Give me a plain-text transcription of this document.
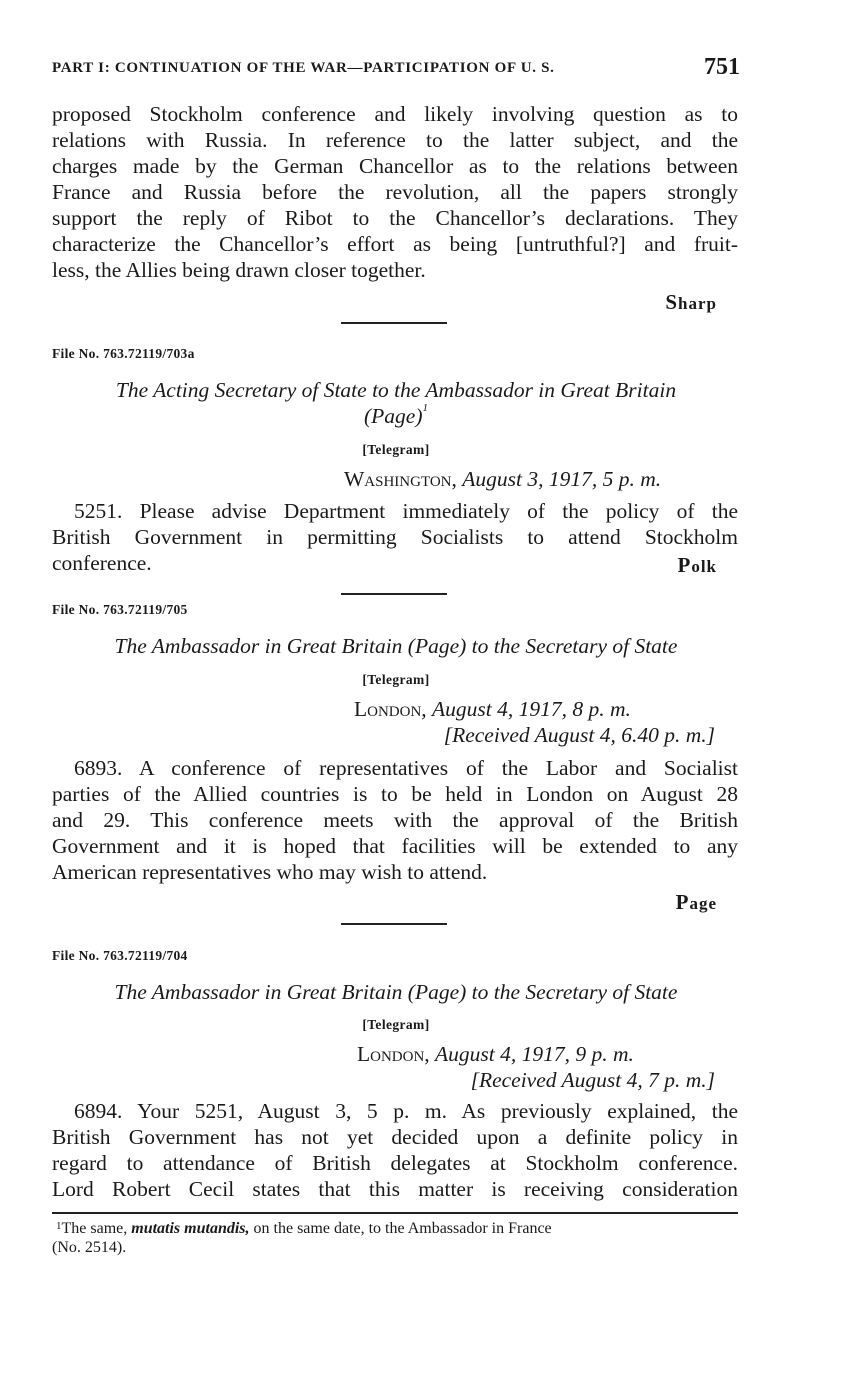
PART I: CONTINUATION OF THE WAR—PARTICIPATION OF U. S.	751
proposed Stockholm conference and likely involving question as to
relations with Russia. In reference to the latter subject, and the
charges made by the German Chancellor as to the relations between
France and Russia before the revolution, all the papers strongly
support the reply of Ribot to the Chancellor’s declarations. They
characterize the Chancellor’s effort as being [untruthful?] and fruit-
less, the Allies being drawn closer together.
Sharp
File No. 763.72119/703a
The Acting Secretary of State to the Ambassador in Great Britain
(Page)$^1$
[Telegram]
Washington, August 3, 1917, 5 p. m.
5251. Please advise Department immediately of the policy of the
British Government in permitting Socialists to attend Stockholm
conference.	Polk
File No. 763.72119/705
The Ambassador in Great Britain (Page) to the Secretary of State
[Telegram]
London, August 4, 1917, 8 p. m.
[Received August 4, 6.40 p. m.]
6893. A conference of representatives of the Labor and Socialist
parties of the Allied countries is to be held in London on August 28
and 29. This conference meets with the approval of the British
Government and it is hoped that facilities will be extended to any
American representatives who may wish to attend.
Page
File No. 763.72119/704
The Ambassador in Great Britain (Page) to the Secretary of State
[Telegram]
London, August 4, 1917, 9 p. m.
[Received August 4, 7 p. m.]
6894. Your 5251, August 3, 5 p. m. As previously explained, the
British Government has not yet decided upon a definite policy in
regard to attendance of British delegates at Stockholm conference.
Lord Robert Cecil states that this matter is receiving consideration
$^1$The same, mutatis mutandis, on the same date, to the Ambassador in France
(No. 2514).
